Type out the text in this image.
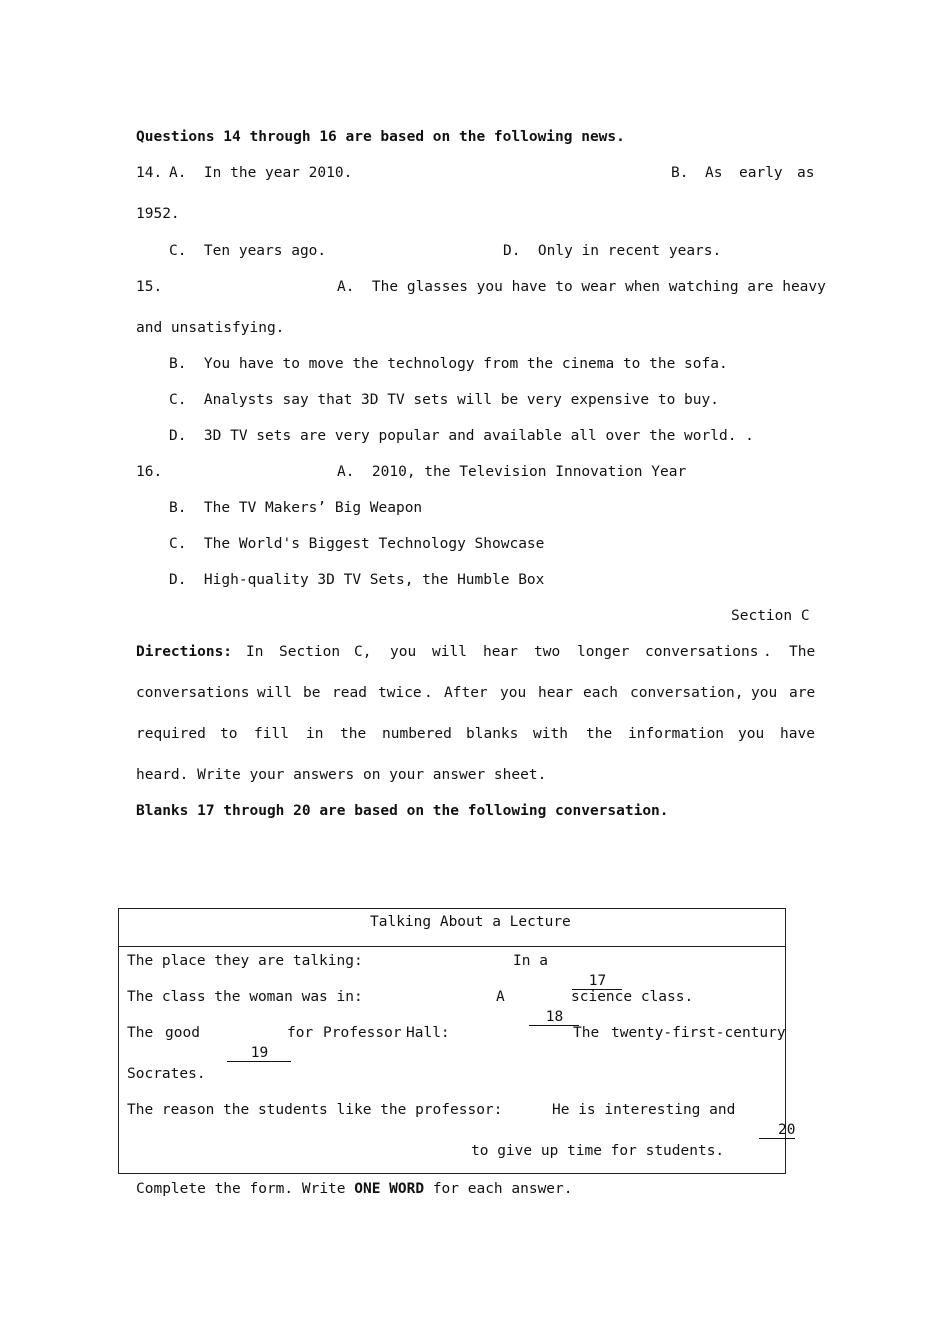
Questions 14 through 16 are based on the following news.
14. A.  In the year 2010.	B. As early as
1952.
C.  Ten years ago.	D.  Only in recent years.
15.	A.  The glasses you have to wear when watching are heavy
and unsatisfying.
B.  You have to move the technology from the cinema to the sofa.
C.  Analysts say that 3D TV sets will be very expensive to buy.
D.  3D TV sets are very popular and available all over the world. .
16.	A.  2010, the Television Innovation Year
B.  The TV Makers’ Big Weapon
C.  The World's Biggest Technology Showcase
D.  High-quality 3D TV Sets, the Humble Box
Section C
Directions: In Section C, you will hear two longer conversations . The
conversations will be read twice . After you hear each conversation, you are
required to fill in the numbered blanks with the information you have
heard. Write your answers on your answer sheet.
Blanks 17 through 20 are based on the following conversation.
Talking About a Lecture
The place they are talking:	In a

17

The class the woman was in:	A

18

science class.
The good

19

for Professor Hall:	The twenty-first-century
Socrates.
The reason the students like the professor:	He is interesting and

20

to give up time for students.
Complete the form. Write ONE WORD for each answer.
